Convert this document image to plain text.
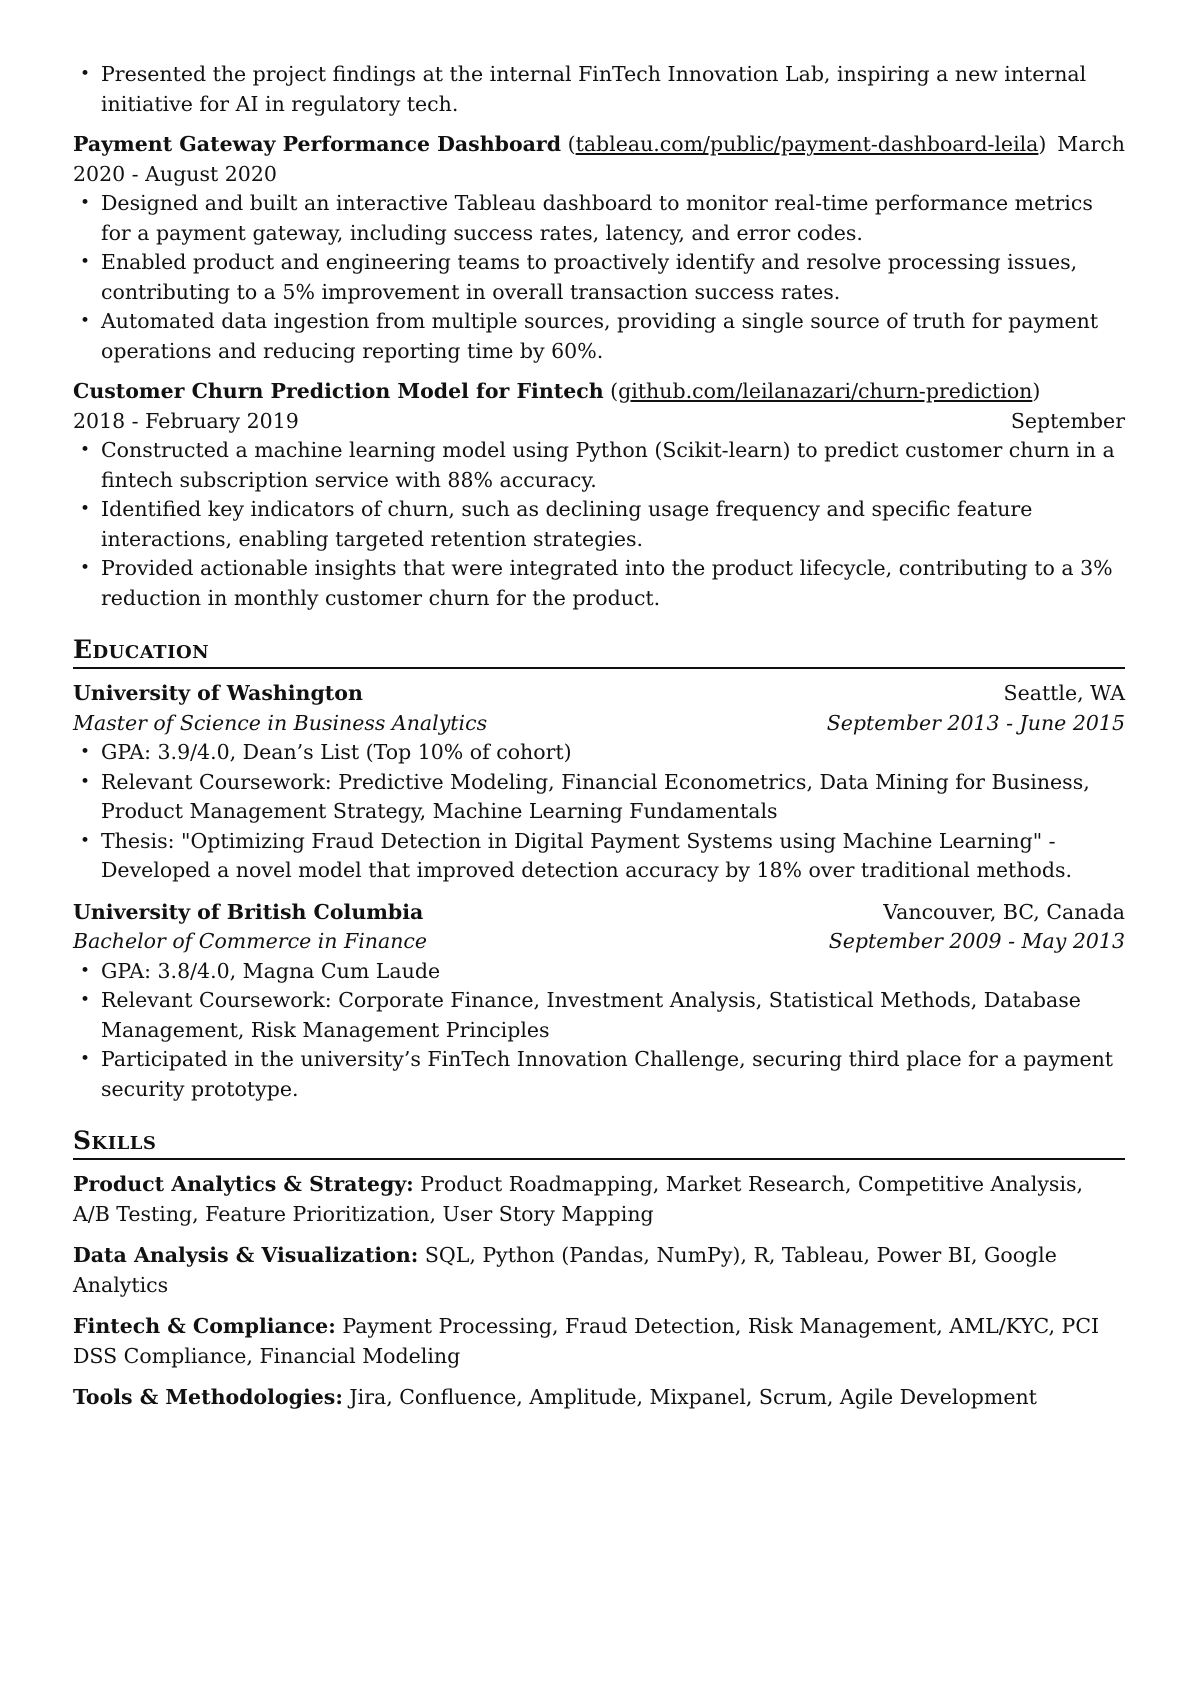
• Presented the project findings at the internal FinTech Innovation Lab, inspiring a new internal initiative for AI in regulatory tech.
Payment Gateway Performance Dashboard (tableau.com/public/payment-dashboard-leila) March

2020 - August 2020
• Designed and built an interactive Tableau dashboard to monitor real-time performance metrics for a payment gateway, including success rates, latency, and error codes.
• Enabled product and engineering teams to proactively identify and resolve processing issues, contributing to a 5% improvement in overall transaction success rates.
• Automated data ingestion from multiple sources, providing a single source of truth for payment operations and reducing reporting time by 60%.
Customer Churn Prediction Model for Fintech (github.com/leilanazari/churn-prediction)
September

2018 - February 2019
• Constructed a machine learning model using Python (Scikit-learn) to predict customer churn in a fintech subscription service with 88% accuracy.
• Identified key indicators of churn, such as declining usage frequency and specific feature interactions, enabling targeted retention strategies.
• Provided actionable insights that were integrated into the product lifecycle, contributing to a 3% reduction in monthly customer churn for the product.
Education
University of Washington	Seattle, WA
Master of Science in Business Analytics	September 2013 - June 2015
• GPA: 3.9/4.0, Dean’s List (Top 10% of cohort)
• Relevant Coursework: Predictive Modeling, Financial Econometrics, Data Mining for Business, Product Management Strategy, Machine Learning Fundamentals
• Thesis: "Optimizing Fraud Detection in Digital Payment Systems using Machine Learning" - Developed a novel model that improved detection accuracy by 18% over traditional methods.
University of British Columbia	Vancouver, BC, Canada
Bachelor of Commerce in Finance	September 2009 - May 2013
• GPA: 3.8/4.0, Magna Cum Laude
• Relevant Coursework: Corporate Finance, Investment Analysis, Statistical Methods, Database Management, Risk Management Principles
• Participated in the university’s FinTech Innovation Challenge, securing third place for a payment security prototype.
Skills
Product Analytics & Strategy: Product Roadmapping, Market Research, Competitive Analysis, A/B Testing, Feature Prioritization, User Story Mapping
Data Analysis & Visualization: SQL, Python (Pandas, NumPy), R, Tableau, Power BI, Google Analytics
Fintech & Compliance: Payment Processing, Fraud Detection, Risk Management, AML/KYC, PCI DSS Compliance, Financial Modeling
Tools & Methodologies: Jira, Confluence, Amplitude, Mixpanel, Scrum, Agile Development
